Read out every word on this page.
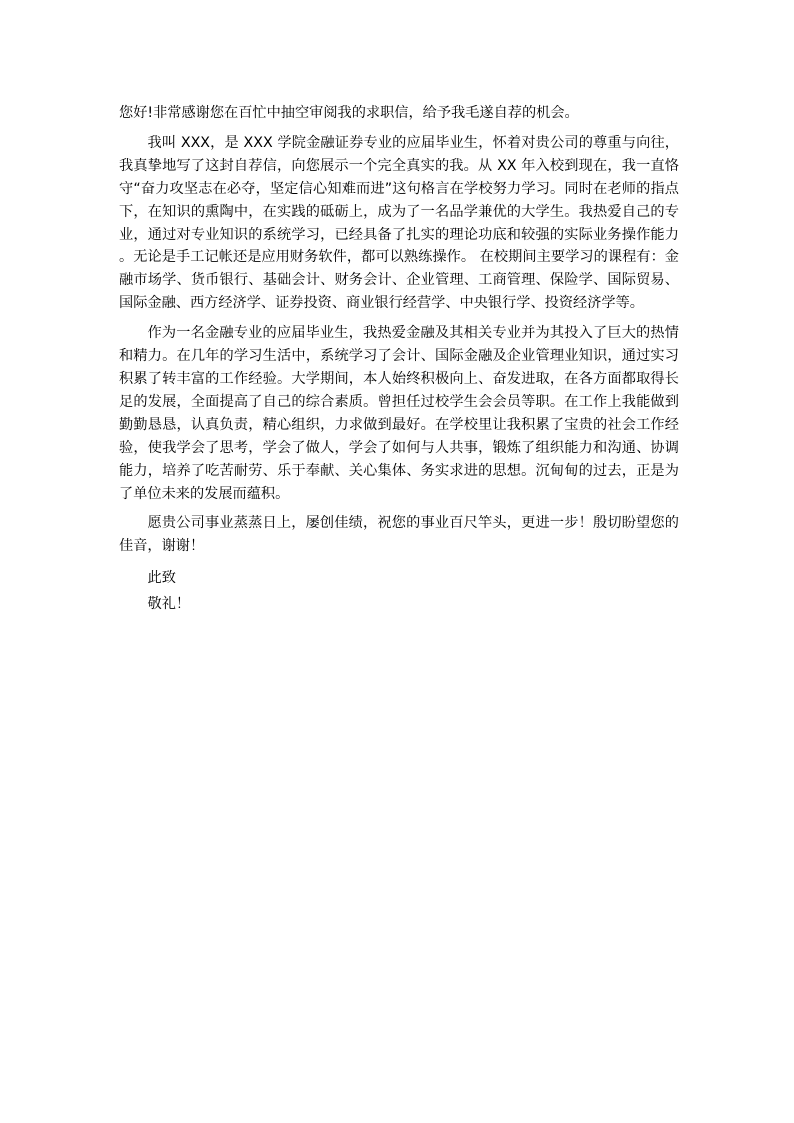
您好!非常感谢您在百忙中抽空审阅我的求职信，给予我毛遂自荐的机会。

我叫 XXX，是 XXX 学院金融证券专业的应届毕业生，怀着对贵公司的尊重与向往，我真挚地写了这封自荐信，向您展示一个完全真实的我。从 XX 年入校到现在，我一直恪守“奋力攻坚志在必夺，坚定信心知难而进”这句格言在学校努力学习。同时在老师的指点下，在知识的熏陶中，在实践的砥砺上，成为了一名品学兼优的大学生。我热爱自己的专业，通过对专业知识的系统学习，已经具备了扎实的理论功底和较强的实际业务操作能力。无论是手工记帐还是应用财务软件，都可以熟练操作。 在校期间主要学习的课程有：金融市场学、货币银行、基础会计、财务会计、企业管理、工商管理、保险学、国际贸易、国际金融、西方经济学、证券投资、商业银行经营学、中央银行学、投资经济学等。

作为一名金融专业的应届毕业生，我热爱金融及其相关专业并为其投入了巨大的热情和精力。在几年的学习生活中，系统学习了会计、国际金融及企业管理业知识，通过实习积累了转丰富的工作经验。大学期间，本人始终积极向上、奋发进取，在各方面都取得长足的发展，全面提高了自己的综合素质。曾担任过校学生会会员等职。在工作上我能做到勤勤恳恳，认真负责，精心组织，力求做到最好。在学校里让我积累了宝贵的社会工作经验，使我学会了思考，学会了做人，学会了如何与人共事，锻炼了组织能力和沟通、协调能力，培养了吃苦耐劳、乐于奉献、关心集体、务实求进的思想。沉甸甸的过去，正是为了单位未来的发展而蕴积。

愿贵公司事业蒸蒸日上，屡创佳绩，祝您的事业百尺竿头，更进一步！殷切盼望您的佳音，谢谢！

此致

敬礼！
